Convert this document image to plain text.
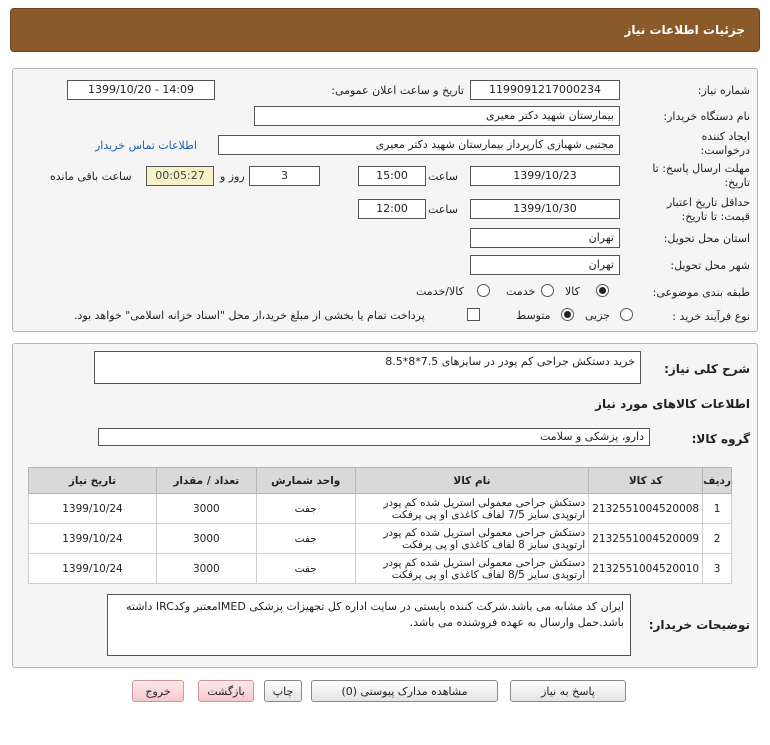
جزئیات اطلاعات نیاز
شماره نیاز:
1199091217000234
تاریخ و ساعت اعلان عمومی:
1399/10/20 - 14:09
نام دستگاه خریدار:
بیمارستان شهید دکتر معیری
ایجاد کننده درخواست:
مجتبی شهبازی کارپرداز بیمارستان شهید دکتر معیری
اطلاعات تماس خریدار
مهلت ارسال پاسخ: تا تاریخ:
1399/10/23
ساعت
15:00
3
روز و
00:05:27
ساعت باقی مانده
حداقل تاریخ اعتبار قیمت: تا تاریخ:
1399/10/30
ساعت
12:00
استان محل تحویل:
تهران
شهر محل تحویل:
تهران
طبقه بندی موضوعی:
کالا
خدمت
کالا/خدمت
نوع فرآیند خرید :
جزیی
متوسط
پرداخت تمام یا بخشی از مبلغ خرید،از محل "اسناد خزانه اسلامی" خواهد بود.
شرح کلی نیاز:
خرید دستکش جراحی کم پودر در سایزهای 7.5*8*8.5
اطلاعات کالاهای مورد نیاز
گروه کالا:
دارو، پزشکی و سلامت
ردیف	کد کالا	نام کالا	واحد شمارش	تعداد / مقدار	تاریخ نیاز
1	2132551004520008	دستکش جراحی معمولی استریل شده کم پودر ارتوپدی سایز 7/5 لفاف کاغذی او پی پرفکت	جفت	3000	1399/10/24
2	2132551004520009	دستکش جراحی معمولی استریل شده کم پودر ارتوپدی سایز 8 لفاف کاغذی او پی پرفکت	جفت	3000	1399/10/24
3	2132551004520010	دستکش جراحی معمولی استریل شده کم پودر ارتوپدی سایز 8/5 لفاف کاغذی او پی پرفکت	جفت	3000	1399/10/24
توضیحات خریدار:
ایران کد مشابه می باشد.شرکت کننده بایستی در سایت اداره کل تجهیزات پزشکی IMEDمعتبر وکدIRC داشته باشد.حمل وارسال به عهده فروشنده می باشد.
پاسخ به نیاز
مشاهده مدارک پیوستی (0)
چاپ
بازگشت
خروج
